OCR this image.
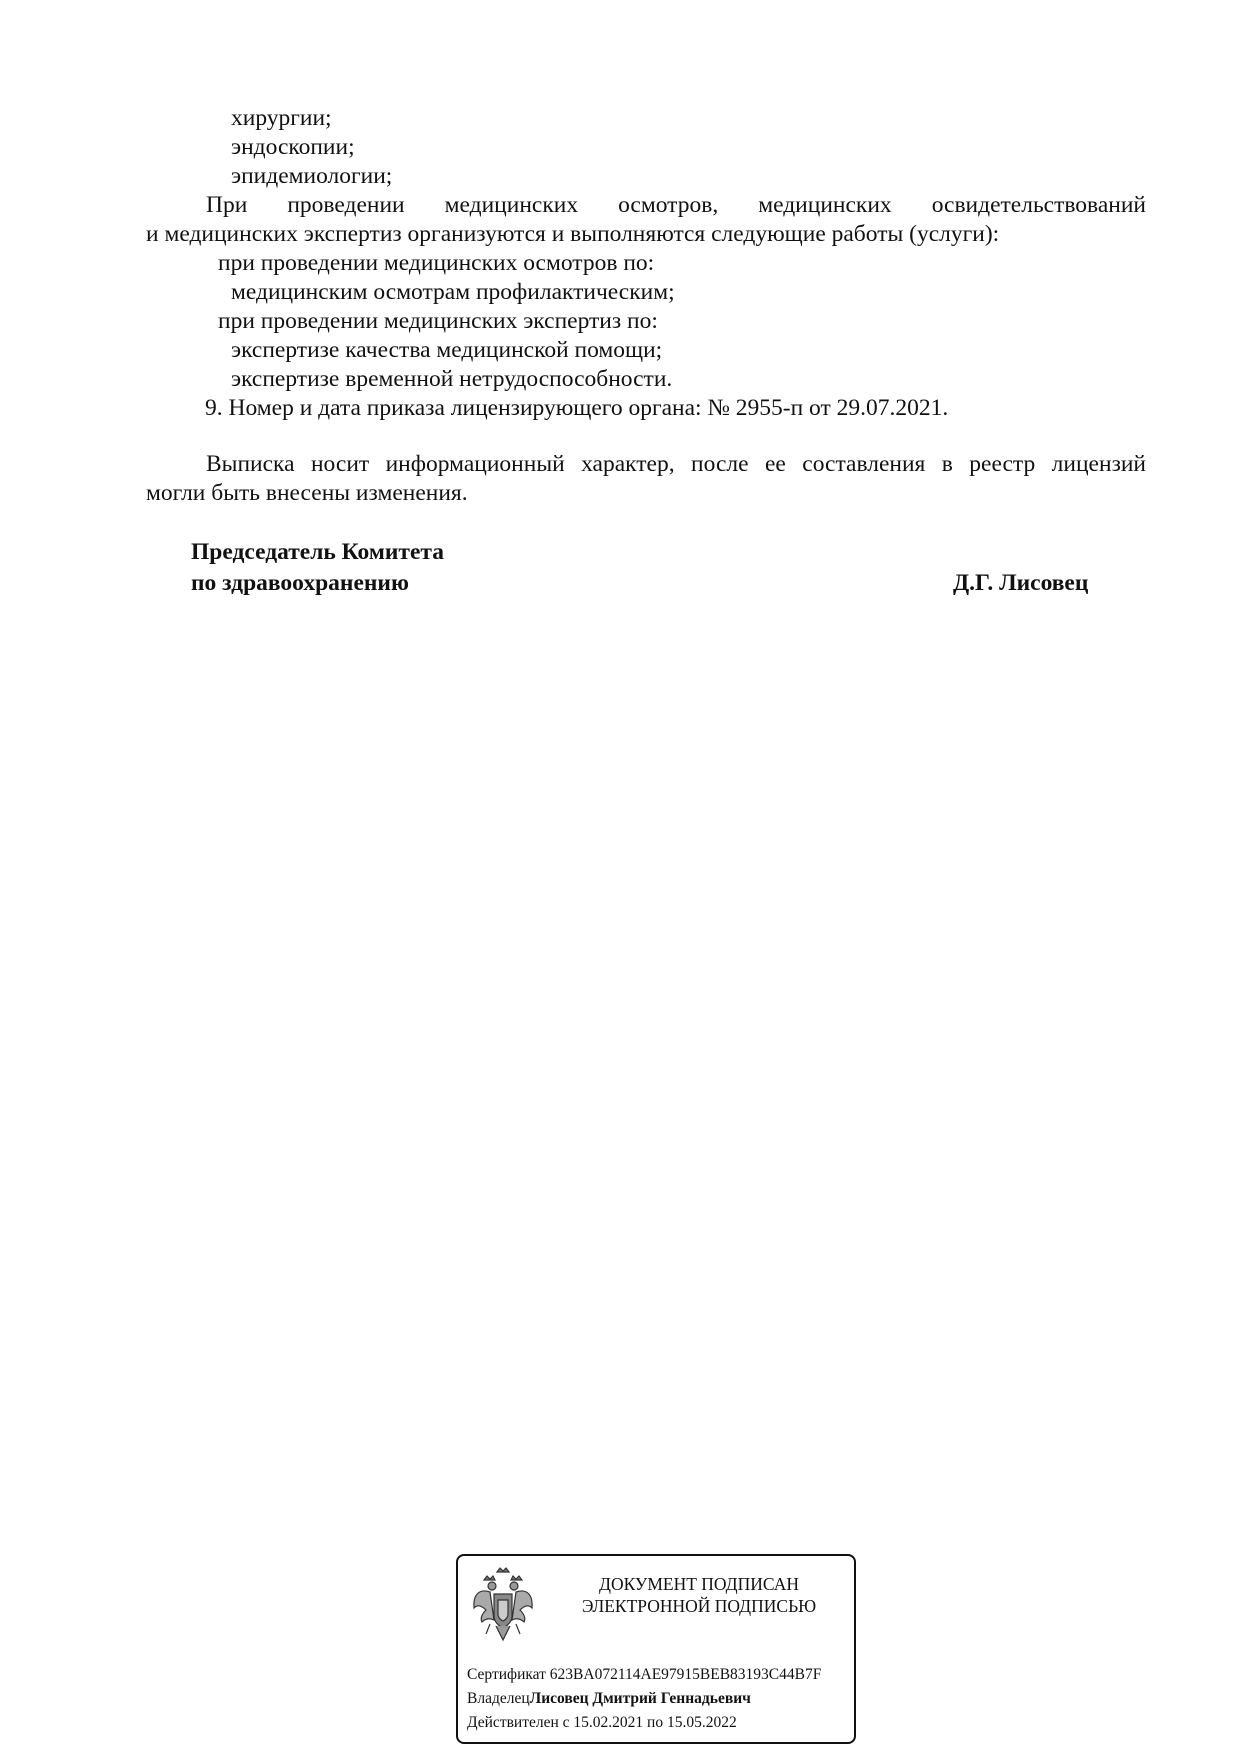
хирургии;
эндоскопии;
эпидемиологии;
При проведении медицинских осмотров, медицинских освидетельствований
и медицинских экспертиз организуются и выполняются следующие работы (услуги):
при проведении медицинских осмотров по:
медицинским осмотрам профилактическим;
при проведении медицинских экспертиз по:
экспертизе качества медицинской помощи;
экспертизе временной нетрудоспособности.
9. Номер и дата приказа лицензирующего органа: № 2955-п от 29.07.2021.
Выписка носит информационный характер, после ее составления в реестр лицензий
могли быть внесены изменения.
Председатель Комитета
по здравоохранению	Д.Г. Лисовец
ДОКУМЕНТ ПОДПИСАН
ЭЛЕКТРОННОЙ ПОДПИСЬЮ
Сертификат 623BA072114AE97915BEB83193C44B7F
ВладелецЛисовец Дмитрий Геннадьевич
Действителен с 15.02.2021 по 15.05.2022
